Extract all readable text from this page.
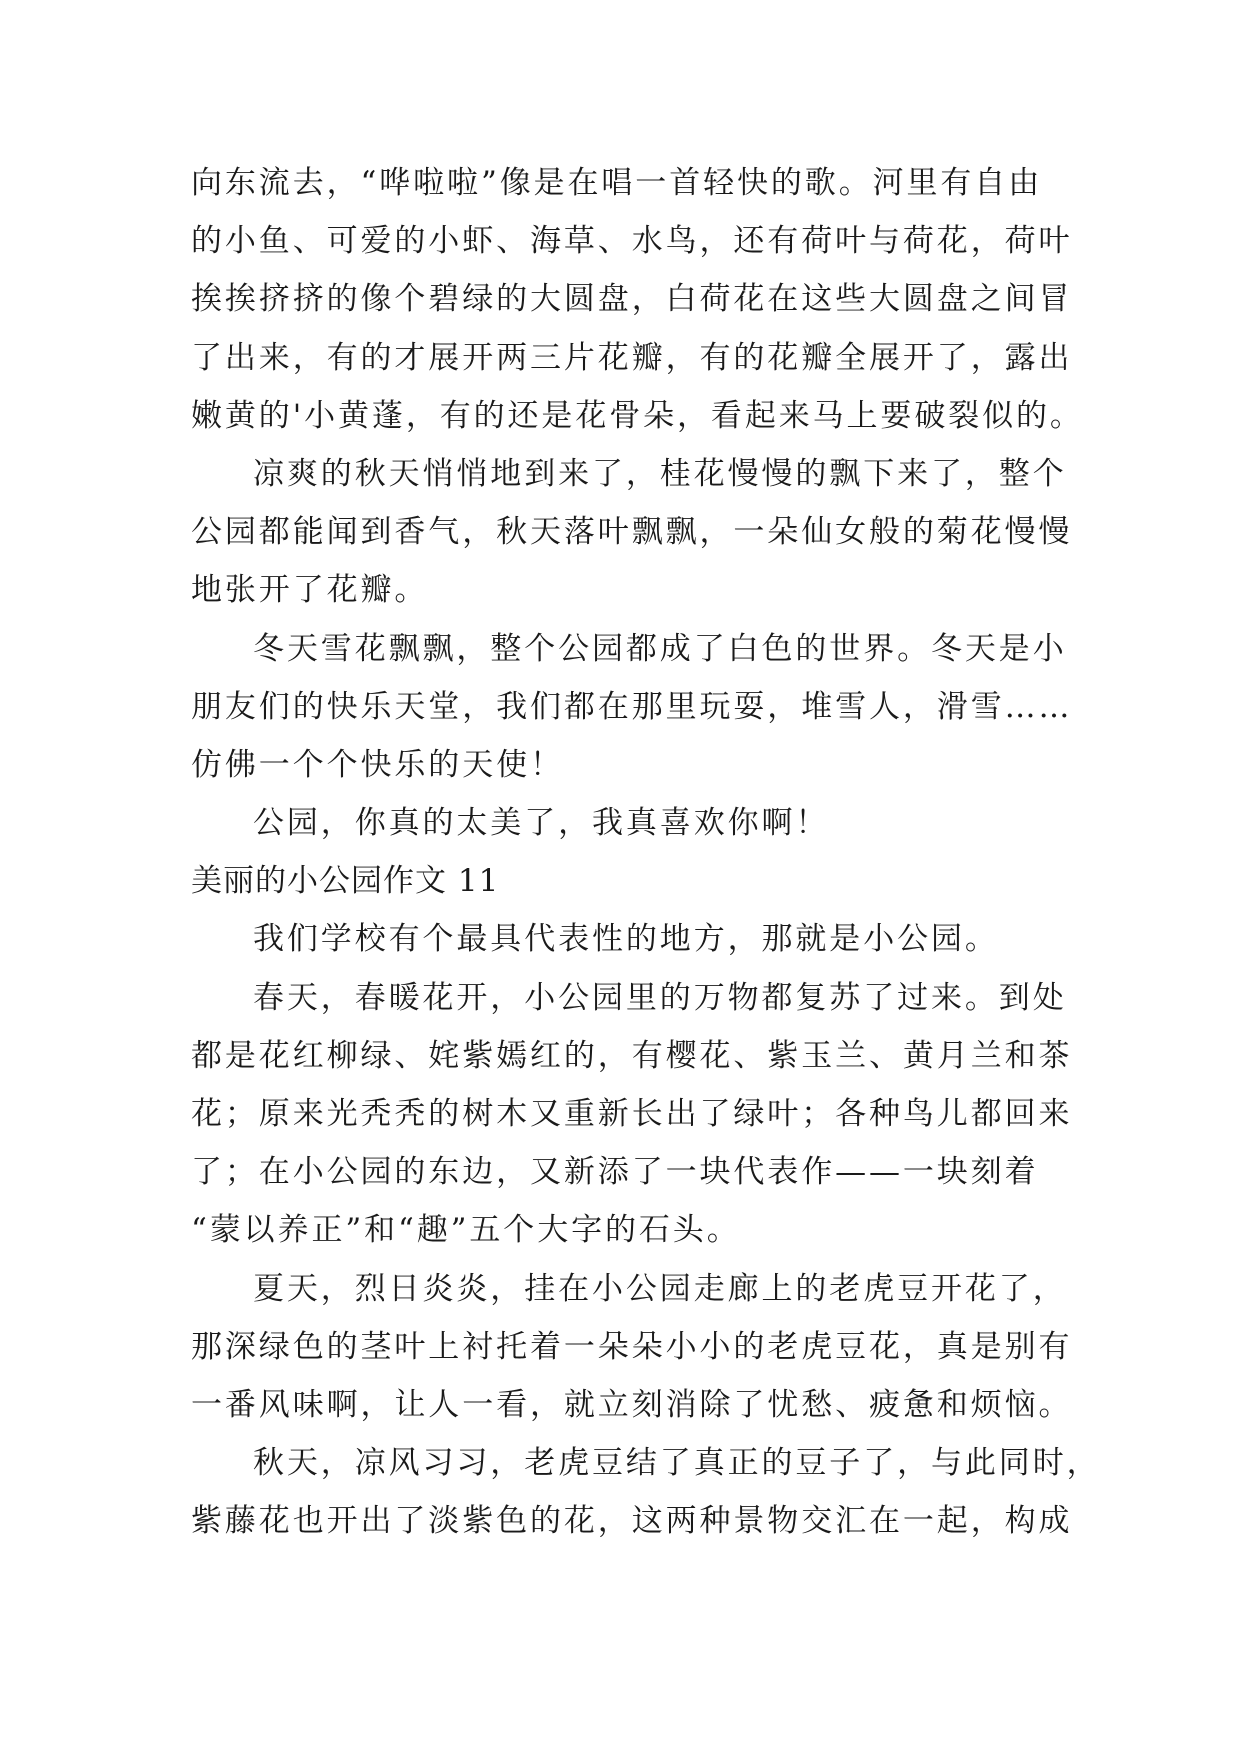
向东流去，“哗啦啦”像是在唱一首轻快的歌。河里有自由
的小鱼、可爱的小虾、海草、水鸟，还有荷叶与荷花，荷叶
挨挨挤挤的像个碧绿的大圆盘，白荷花在这些大圆盘之间冒
了出来，有的才展开两三片花瓣，有的花瓣全展开了，露出
嫩黄的'小黄蓬，有的还是花骨朵，看起来马上要破裂似的。
凉爽的秋天悄悄地到来了，桂花慢慢的飘下来了，整个
公园都能闻到香气，秋天落叶飘飘，一朵仙女般的菊花慢慢
地张开了花瓣。
冬天雪花飘飘，整个公园都成了白色的世界。冬天是小
朋友们的快乐天堂，我们都在那里玩耍，堆雪人，滑雪……
仿佛一个个快乐的天使！
公园，你真的太美了，我真喜欢你啊！
美丽的小公园作文 11
我们学校有个最具代表性的地方，那就是小公园。
春天，春暖花开，小公园里的万物都复苏了过来。到处
都是花红柳绿、姹紫嫣红的，有樱花、紫玉兰、黄月兰和茶
花；原来光秃秃的树木又重新长出了绿叶；各种鸟儿都回来
了；在小公园的东边，又新添了一块代表作——一块刻着
“蒙以养正”和“趣”五个大字的石头。
夏天，烈日炎炎，挂在小公园走廊上的老虎豆开花了，
那深绿色的茎叶上衬托着一朵朵小小的老虎豆花，真是别有
一番风味啊，让人一看，就立刻消除了忧愁、疲惫和烦恼。
秋天，凉风习习，老虎豆结了真正的豆子了，与此同时，
紫藤花也开出了淡紫色的花，这两种景物交汇在一起，构成
